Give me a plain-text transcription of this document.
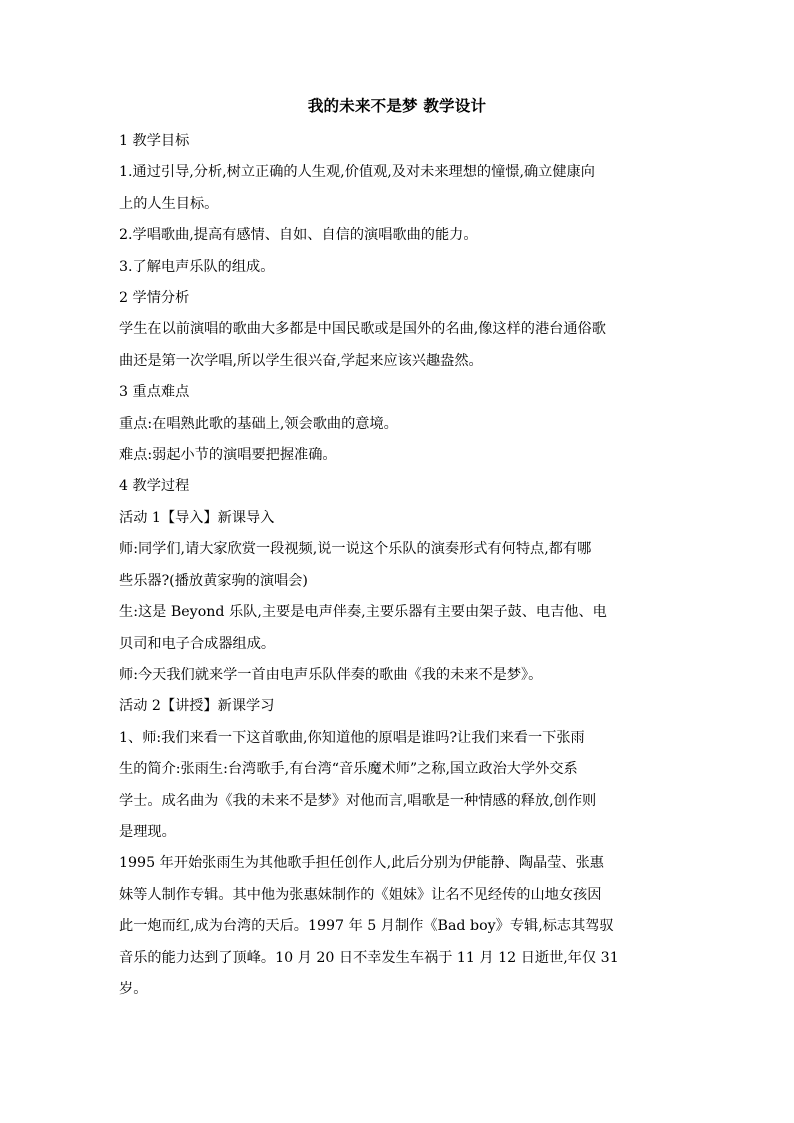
我的未来不是梦 教学设计

1 教学目标

1.通过引导,分析,树立正确的人生观,价值观,及对未来理想的憧憬,确立健康向

上的人生目标。

2.学唱歌曲,提高有感情、自如、自信的演唱歌曲的能力。

3.了解电声乐队的组成。

2 学情分析

学生在以前演唱的歌曲大多都是中国民歌或是国外的名曲,像这样的港台通俗歌

曲还是第一次学唱,所以学生很兴奋,学起来应该兴趣盎然。

3 重点难点

重点:在唱熟此歌的基础上,领会歌曲的意境。

难点:弱起小节的演唱要把握准确。

4 教学过程

活动 1【导入】新课导入

师:同学们,请大家欣赏一段视频,说一说这个乐队的演奏形式有何特点,都有哪

些乐器?(播放黄家驹的演唱会)

生:这是 Beyond 乐队,主要是电声伴奏,主要乐器有主要由架子鼓、电吉他、电

贝司和电子合成器组成。

师:今天我们就来学一首由电声乐队伴奏的歌曲《我的未来不是梦》。

活动 2【讲授】新课学习

1、师:我们来看一下这首歌曲,你知道他的原唱是谁吗?让我们来看一下张雨

生的简介:张雨生:台湾歌手,有台湾“音乐魔术师”之称,国立政治大学外交系

学士。成名曲为《我的未来不是梦》对他而言,唱歌是一种情感的释放,创作则

是理现。

1995 年开始张雨生为其他歌手担任创作人,此后分别为伊能静、陶晶莹、张惠

妹等人制作专辑。其中他为张惠妹制作的《姐妹》让名不见经传的山地女孩因

此一炮而红,成为台湾的天后。1997 年 5 月制作《Bad boy》专辑,标志其驾驭

音乐的能力达到了顶峰。10 月 20 日不幸发生车祸于 11 月 12 日逝世,年仅 31

岁。
